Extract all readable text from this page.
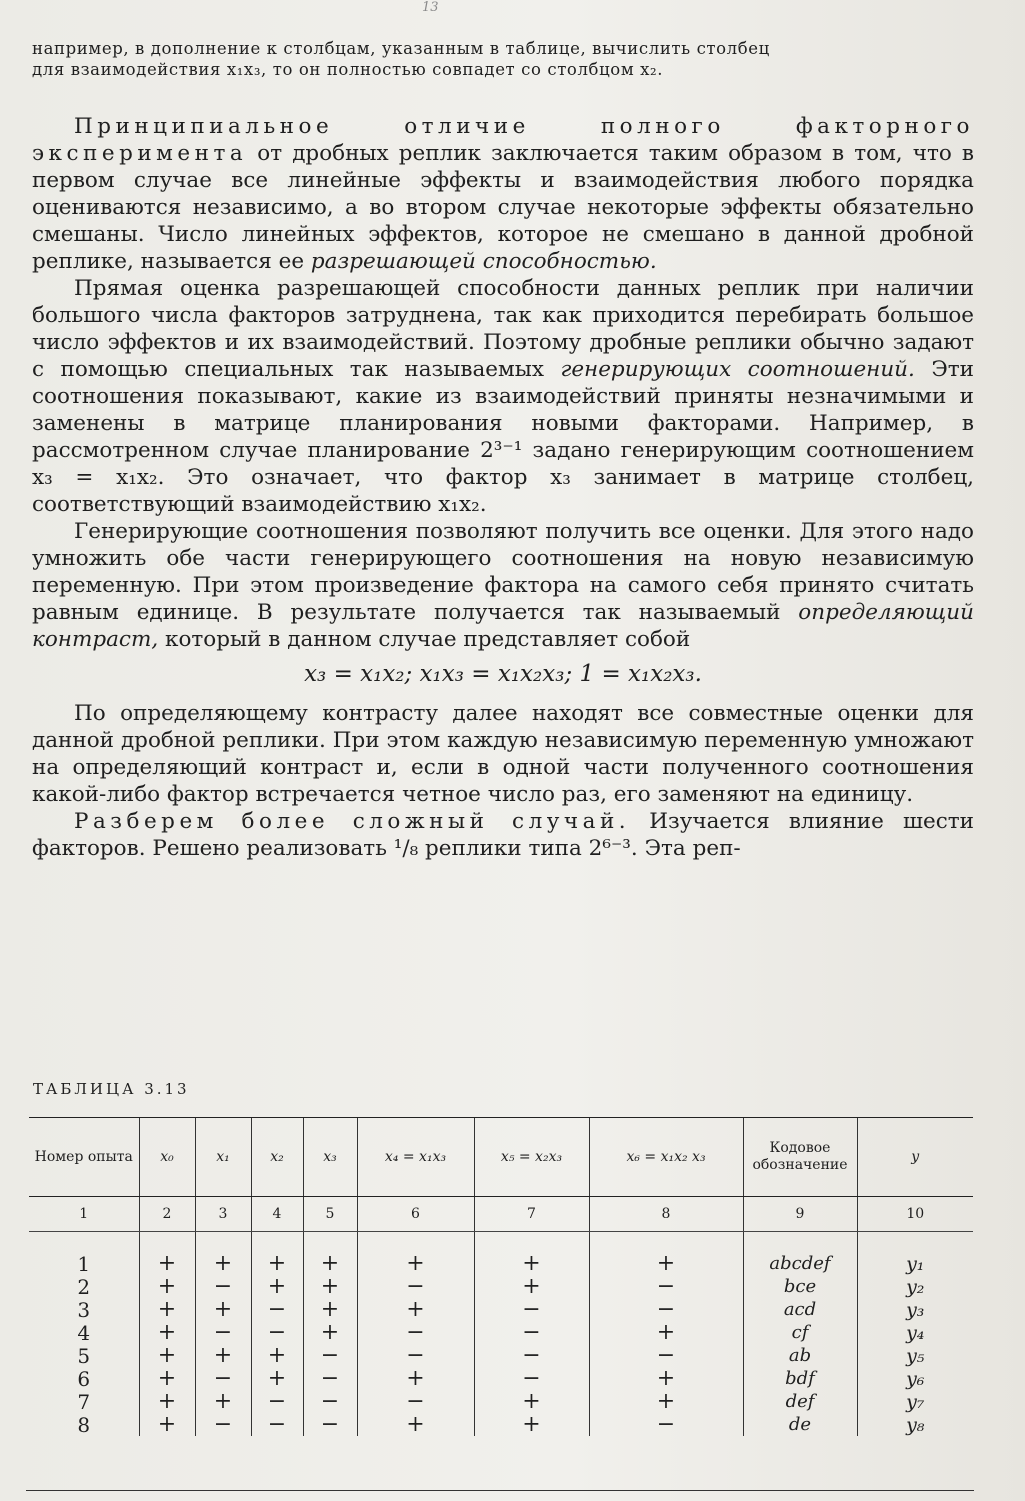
13

например, в дополнение к столбцам, указанным в таблице, вычислить столбец

для взаимодействия x₁x₃, то он полностью совпадет со столбцом x₂.

Принципиальное отличие полного факторного эксперимента от дробных реплик заключается таким образом в том, что в первом случае все линейные эффекты и взаимодействия любого порядка оцениваются независимо, а во втором случае некоторые эффекты обязательно смешаны. Число линейных эффектов, которое не смешано в данной дробной реплике, называется ее разрешающей способностью.

Прямая оценка разрешающей способности данных реплик при наличии большого числа факторов затруднена, так как приходится перебирать большое число эффектов и их взаимодействий. Поэтому дробные реплики обычно задают с помощью специальных так называемых генерирующих соотношений. Эти соотношения показывают, какие из взаимодействий приняты незначимыми и заменены в матрице планирования новыми факторами. Например, в рассмотренном случае планирование 2³⁻¹ задано генерирующим соотношением x₃ = x₁x₂. Это означает, что фактор x₃ занимает в матрице столбец, соответствующий взаимодействию x₁x₂.

Генерирующие соотношения позволяют получить все оценки. Для этого надо умножить обе части генерирующего соотношения на новую независимую переменную. При этом произведение фактора на самого себя принято считать равным единице. В результате получается так называемый определяющий контраст, который в данном случае представляет собой

x₃ = x₁x₂; x₁x₃ = x₁x₂x₃; 1 = x₁x₂x₃.

По определяющему контрасту далее находят все совместные оценки для данной дробной реплики. При этом каждую независимую переменную умножают на определяющий контраст и, если в одной части полученного соотношения какой-либо фактор встречается четное число раз, его заменяют на единицу.

Разберем более сложный случай. Изучается влияние шести факторов. Решено реализовать ¹/₈ реплики типа 2⁶⁻³. Эта реп-

ТАБЛИЦА 3.13
Номер опыта	x₀	x₁	x₂	x₃	x₄ = x₁x₃	x₅ = x₂x₃	x₆ = x₁x₂ x₃	Кодовое обозначение	y
1	2	3	4	5	6	7	8	9	10
1	+	+	+	+	+	+	+	abcdef	y₁
2	+	−	+	+	−	+	−	bce	y₂
3	+	+	−	+	+	−	−	acd	y₃
4	+	−	−	+	−	−	+	cf	y₄
5	+	+	+	−	−	−	−	ab	y₅
6	+	−	+	−	+	−	+	bdf	y₆
7	+	+	−	−	−	+	+	def	y₇
8	+	−	−	−	+	+	−	de	y₈
